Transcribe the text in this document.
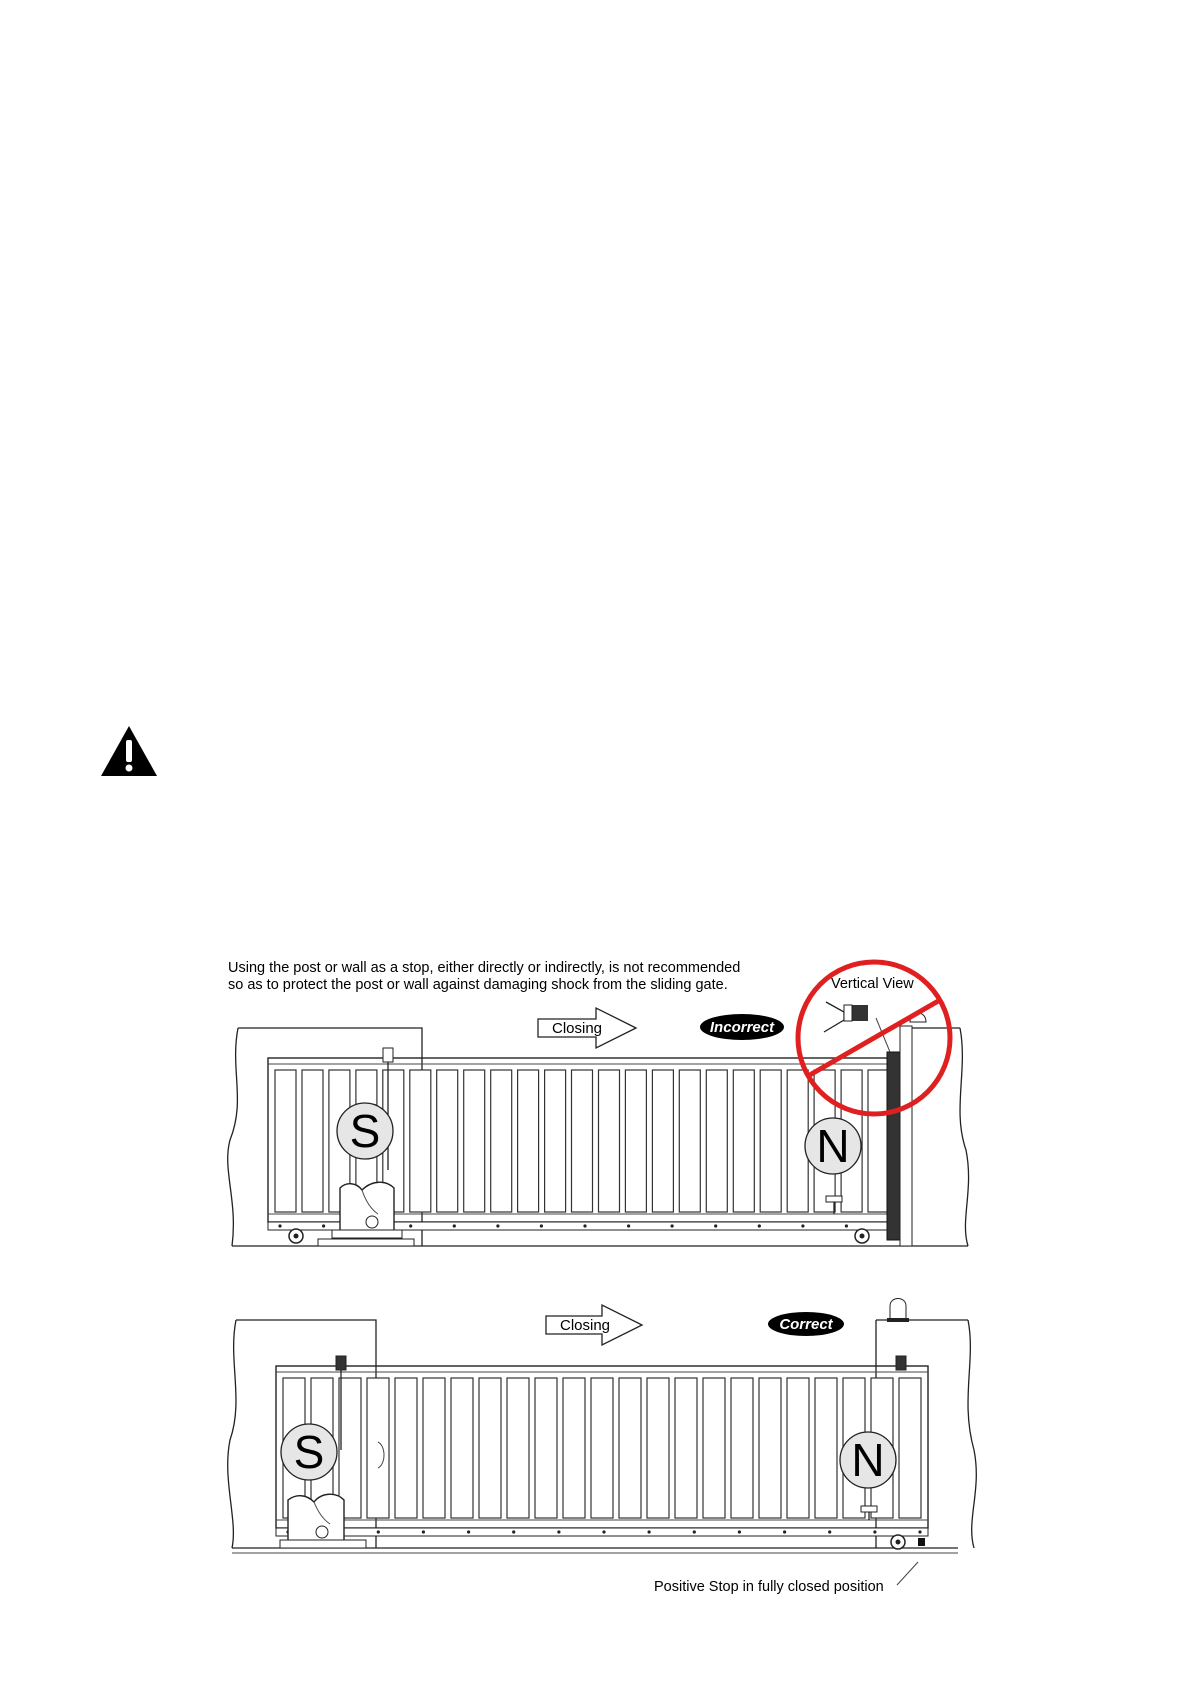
Using the post or wall as a stop, either directly or indirectly, is not recommended
so as to protect the post or wall against damaging shock from the sliding gate.
S	N
Closing	Incorrect
Vertical View
S	N
Positive Stop in fully closed position
Closing	Correct
